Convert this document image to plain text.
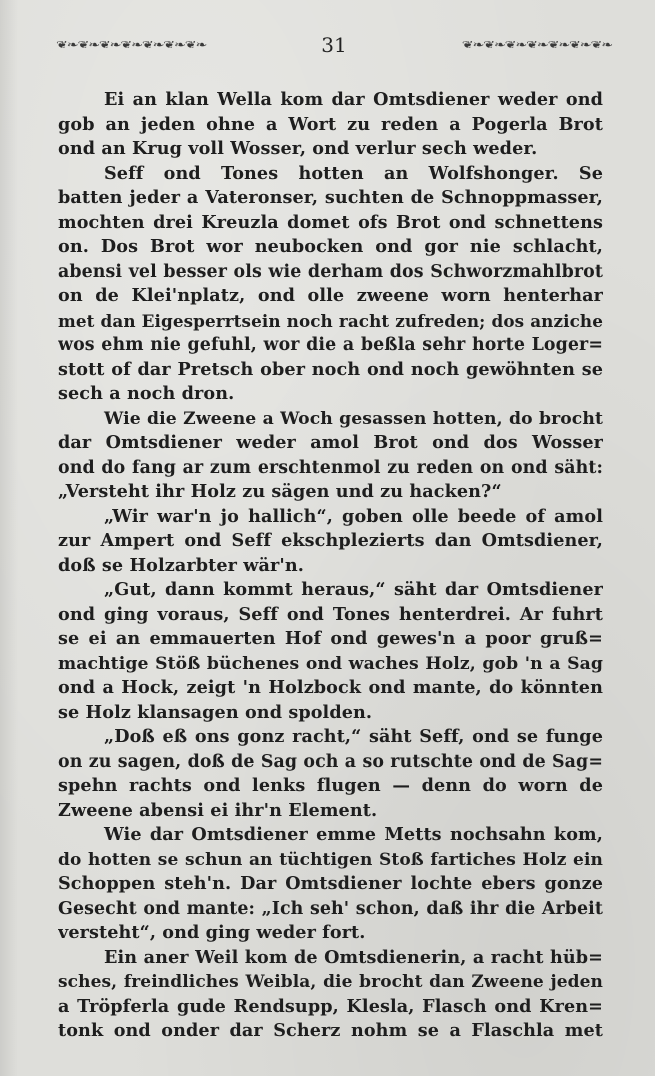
❦❧❦❧❦❧❦❧❦❧❦❧❦❧	31	❦❧❦❧❦❧❦❧❦❧❦❧❦❧
Ei an klan Wella kom dar Omtsdiener weder ond
gob an jeden ohne a Wort zu reden a Pogerla Brot
ond an Krug voll Wosser, ond verlur sech weder.
Seff ond Tones hotten an Wolfshonger. Se
batten jeder a Vateronser, suchten de Schnoppmasser,
mochten drei Kreuzla domet ofs Brot ond schnettens
on. Dos Brot wor neubocken ond gor nie schlacht,
abensi vel besser ols wie derham dos Schworzmahlbrot
on de Klei'nplatz, ond olle zweene worn henterhar
met dan Eigesperrtsein noch racht zufreden; dos anziche
wos ehm nie gefuhl, wor die a beßla sehr horte Loger=
stott of dar Pretsch ober noch ond noch gewöhnten se
sech a noch dron.
Wie die Zweene a Woch gesassen hotten, do brocht
dar Omtsdiener weder amol Brot ond dos Wosser
ond do fang ar zum erschtenmol zu reden on ond säht:
„Versteht ihr Holz zu sägen und zu hacken?“
„Wir war'n jo hallich“, goben olle beede of amol
zur Ampert ond Seff ekschplezierts dan Omtsdiener,
doß se Holzarbter wär'n.
„Gut, dann kommt heraus,“ säht dar Omtsdiener
ond ging voraus, Seff ond Tones henterdrei. Ar fuhrt
se ei an emmauerten Hof ond gewes'n a poor gruß=
machtige Stöß büchenes ond waches Holz, gob 'n a Sag
ond a Hock, zeigt 'n Holzbock ond mante, do könnten
se Holz klansagen ond spolden.
„Doß eß ons gonz racht,“ säht Seff, ond se funge
on zu sagen, doß de Sag och a so rutschte ond de Sag=
spehn rachts ond lenks flugen — denn do worn de
Zweene abensi ei ihr'n Element.
Wie dar Omtsdiener emme Metts nochsahn kom,
do hotten se schun an tüchtigen Stoß fartiches Holz ein
Schoppen steh'n. Dar Omtsdiener lochte ebers gonze
Gesecht ond mante: „Ich seh' schon, daß ihr die Arbeit
versteht“, ond ging weder fort.
Ein aner Weil kom de Omtsdienerin, a racht hüb=
sches, freindliches Weibla, die brocht dan Zweene jeden
a Tröpferla gude Rendsupp, Klesla, Flasch ond Kren=
tonk ond onder dar Scherz nohm se a Flaschla met
